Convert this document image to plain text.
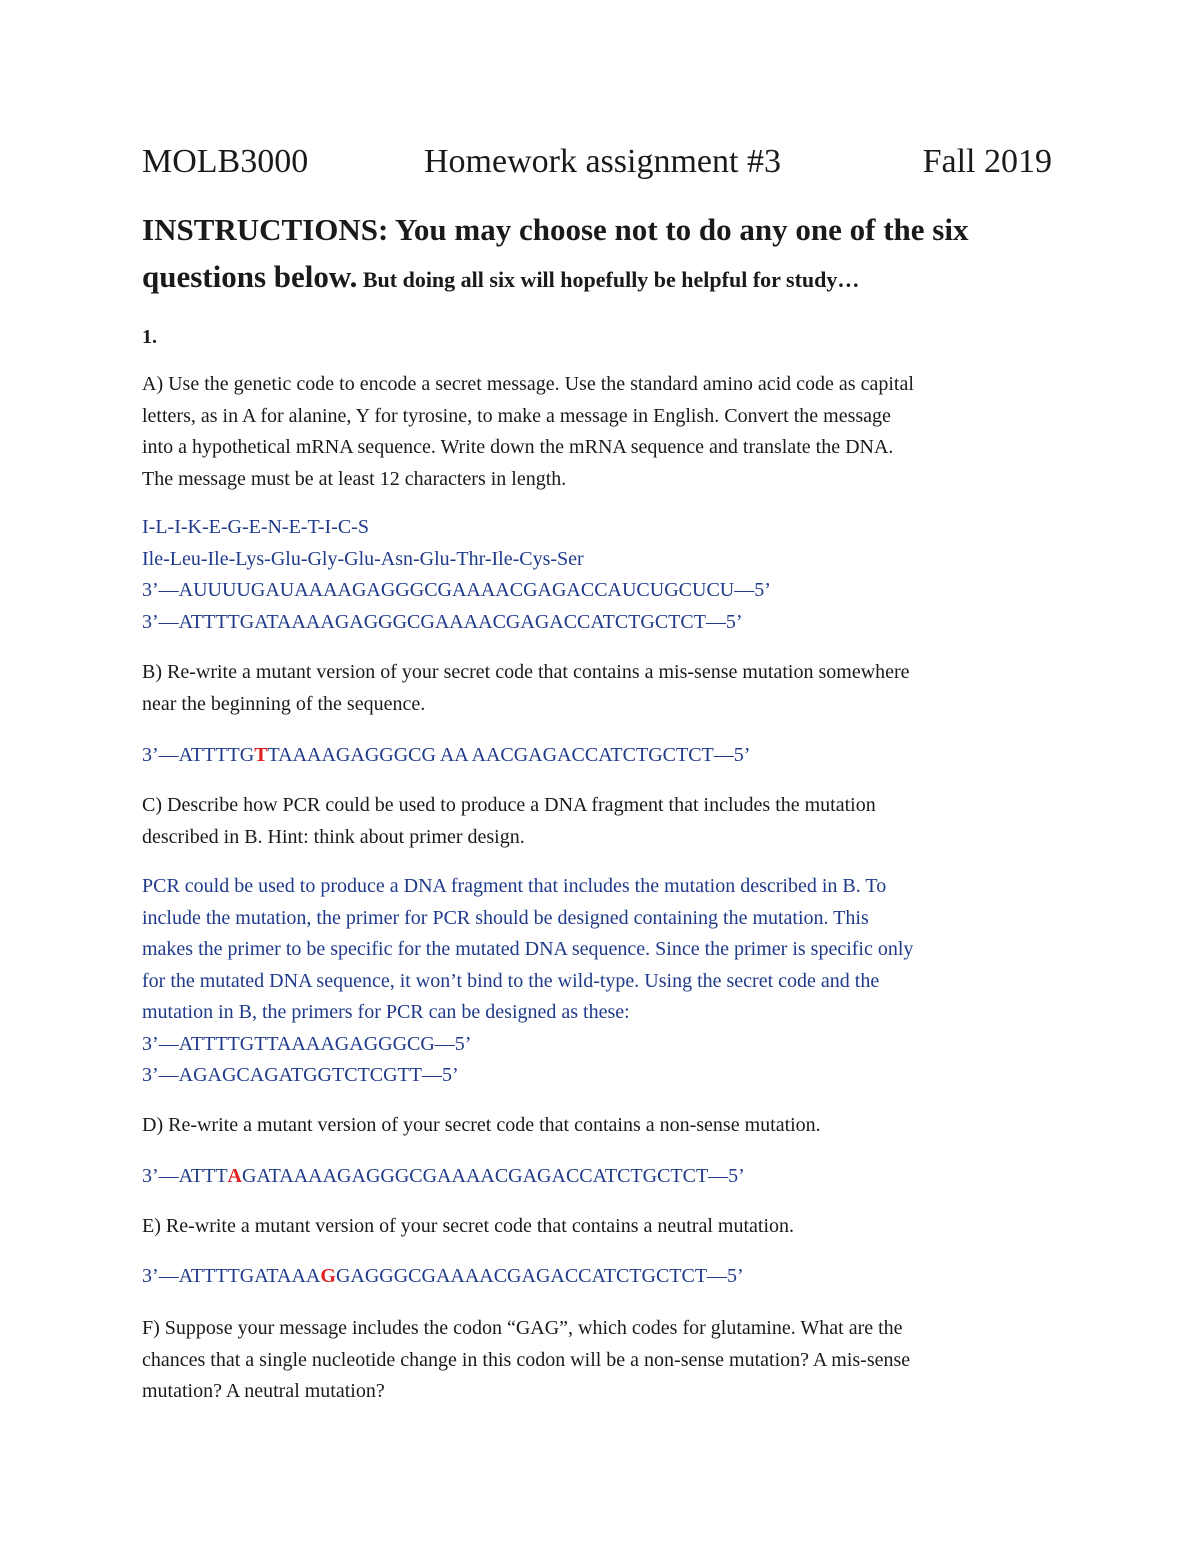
MOLB3000	Homework assignment #3	Fall 2019
INSTRUCTIONS: You may choose not to do any one of the six questions below. But doing all six will hopefully be helpful for study…
1.
A) Use the genetic code to encode a secret message. Use the standard amino acid code as capital
letters, as in A for alanine, Y for tyrosine, to make a message in English. Convert the message
into a hypothetical mRNA sequence. Write down the mRNA sequence and translate the DNA.
The message must be at least 12 characters in length.
I-L-I-K-E-G-E-N-E-T-I-C-S
Ile-Leu-Ile-Lys-Glu-Gly-Glu-Asn-Glu-Thr-Ile-Cys-Ser
3’—AUUUUGAUAAAAGAGGGCGAAAACGAGACCAUCUGCUCU—5’
3’—ATTTTGATAAAAGAGGGCGAAAACGAGACCATCTGCTCT—5’
B) Re-write a mutant version of your secret code that contains a mis-sense mutation somewhere
near the beginning of the sequence.
3’—ATTTTGTTAAAAGAGGGCG AA AACGAGACCATCTGCTCT—5’
C) Describe how PCR could be used to produce a DNA fragment that includes the mutation
described in B. Hint: think about primer design.
PCR could be used to produce a DNA fragment that includes the mutation described in B. To
include the mutation, the primer for PCR should be designed containing the mutation. This
makes the primer to be specific for the mutated DNA sequence. Since the primer is specific only
for the mutated DNA sequence, it won’t bind to the wild-type. Using the secret code and the
mutation in B, the primers for PCR can be designed as these:
3’—ATTTTGTTAAAAGAGGGCG—5’
3’—AGAGCAGATGGTCTCGTT—5’
D) Re-write a mutant version of your secret code that contains a non-sense mutation.
3’—ATTTAGATAAAAGAGGGCGAAAACGAGACCATCTGCTCT—5’
E) Re-write a mutant version of your secret code that contains a neutral mutation.
3’—ATTTTGATAAAGGAGGGCGAAAACGAGACCATCTGCTCT—5’
F) Suppose your message includes the codon “GAG”, which codes for glutamine. What are the
chances that a single nucleotide change in this codon will be a non-sense mutation? A mis-sense
mutation? A neutral mutation?
